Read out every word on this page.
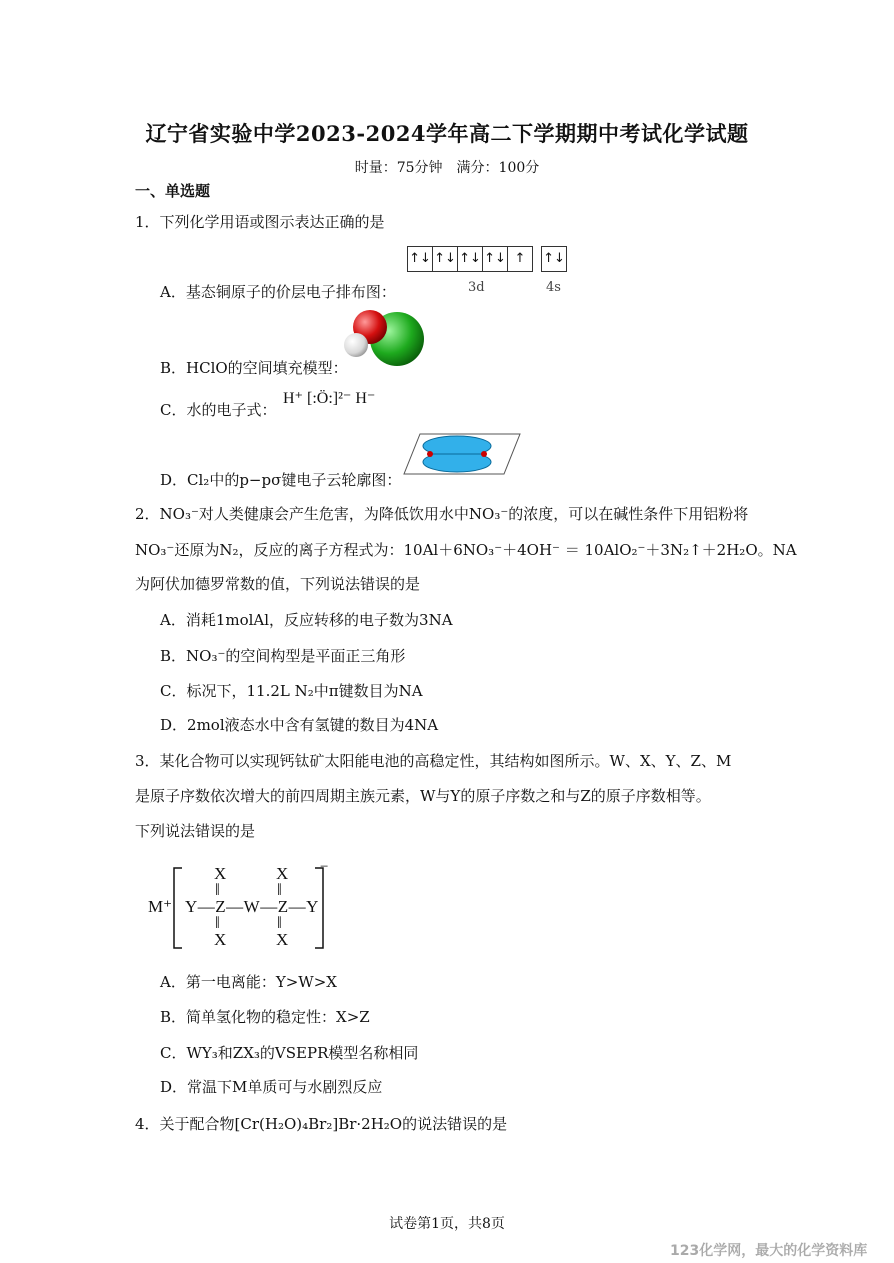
辽宁省实验中学2023-2024学年高二下学期期中考试化学试题
时量：75分钟　满分：100分
一、单选题
1．下列化学用语或图示表达正确的是
↑↓ ↑↓ ↑↓ ↑↓ ↑	↑↓
3d	4s
A．基态铜原子的价层电子排布图：
B．HClO的空间填充模型：
C．水的电子式：
H⁺ [:Ö:]²⁻ H⁻
D．Cl₂中的p−pσ键电子云轮廓图：
2．NO₃⁻对人类健康会产生危害，为降低饮用水中NO₃⁻的浓度，可以在碱性条件下用铝粉将
NO₃⁻还原为N₂，反应的离子方程式为：10Al＋6NO₃⁻＋4OH⁻ ＝ 10AlO₂⁻＋3N₂↑＋2H₂O。NA
为阿伏加德罗常数的值，下列说法错误的是
A．消耗1molAl，反应转移的电子数为3NA
B．NO₃⁻的空间构型是平面正三角形
C．标况下，11.2L N₂中π键数目为NA
D．2mol液态水中含有氢键的数目为4NA
3．某化合物可以实现钙钛矿太阳能电池的高稳定性，其结构如图所示。W、X、Y、Z、M
是原子序数依次增大的前四周期主族元素，W与Y的原子序数之和与Z的原子序数相等。
下列说法错误的是
M⁺
−
X	X
‖	‖
Y—Z—W—Z—Y
‖	‖
X	X
A．第一电离能：Y>W>X
B．简单氢化物的稳定性：X>Z
C．WY₃和ZX₃的VSEPR模型名称相同
D．常温下M单质可与水剧烈反应
4．关于配合物[Cr(H₂O)₄Br₂]Br·2H₂O的说法错误的是
试卷第1页，共8页
123化学网，最大的化学资料库
